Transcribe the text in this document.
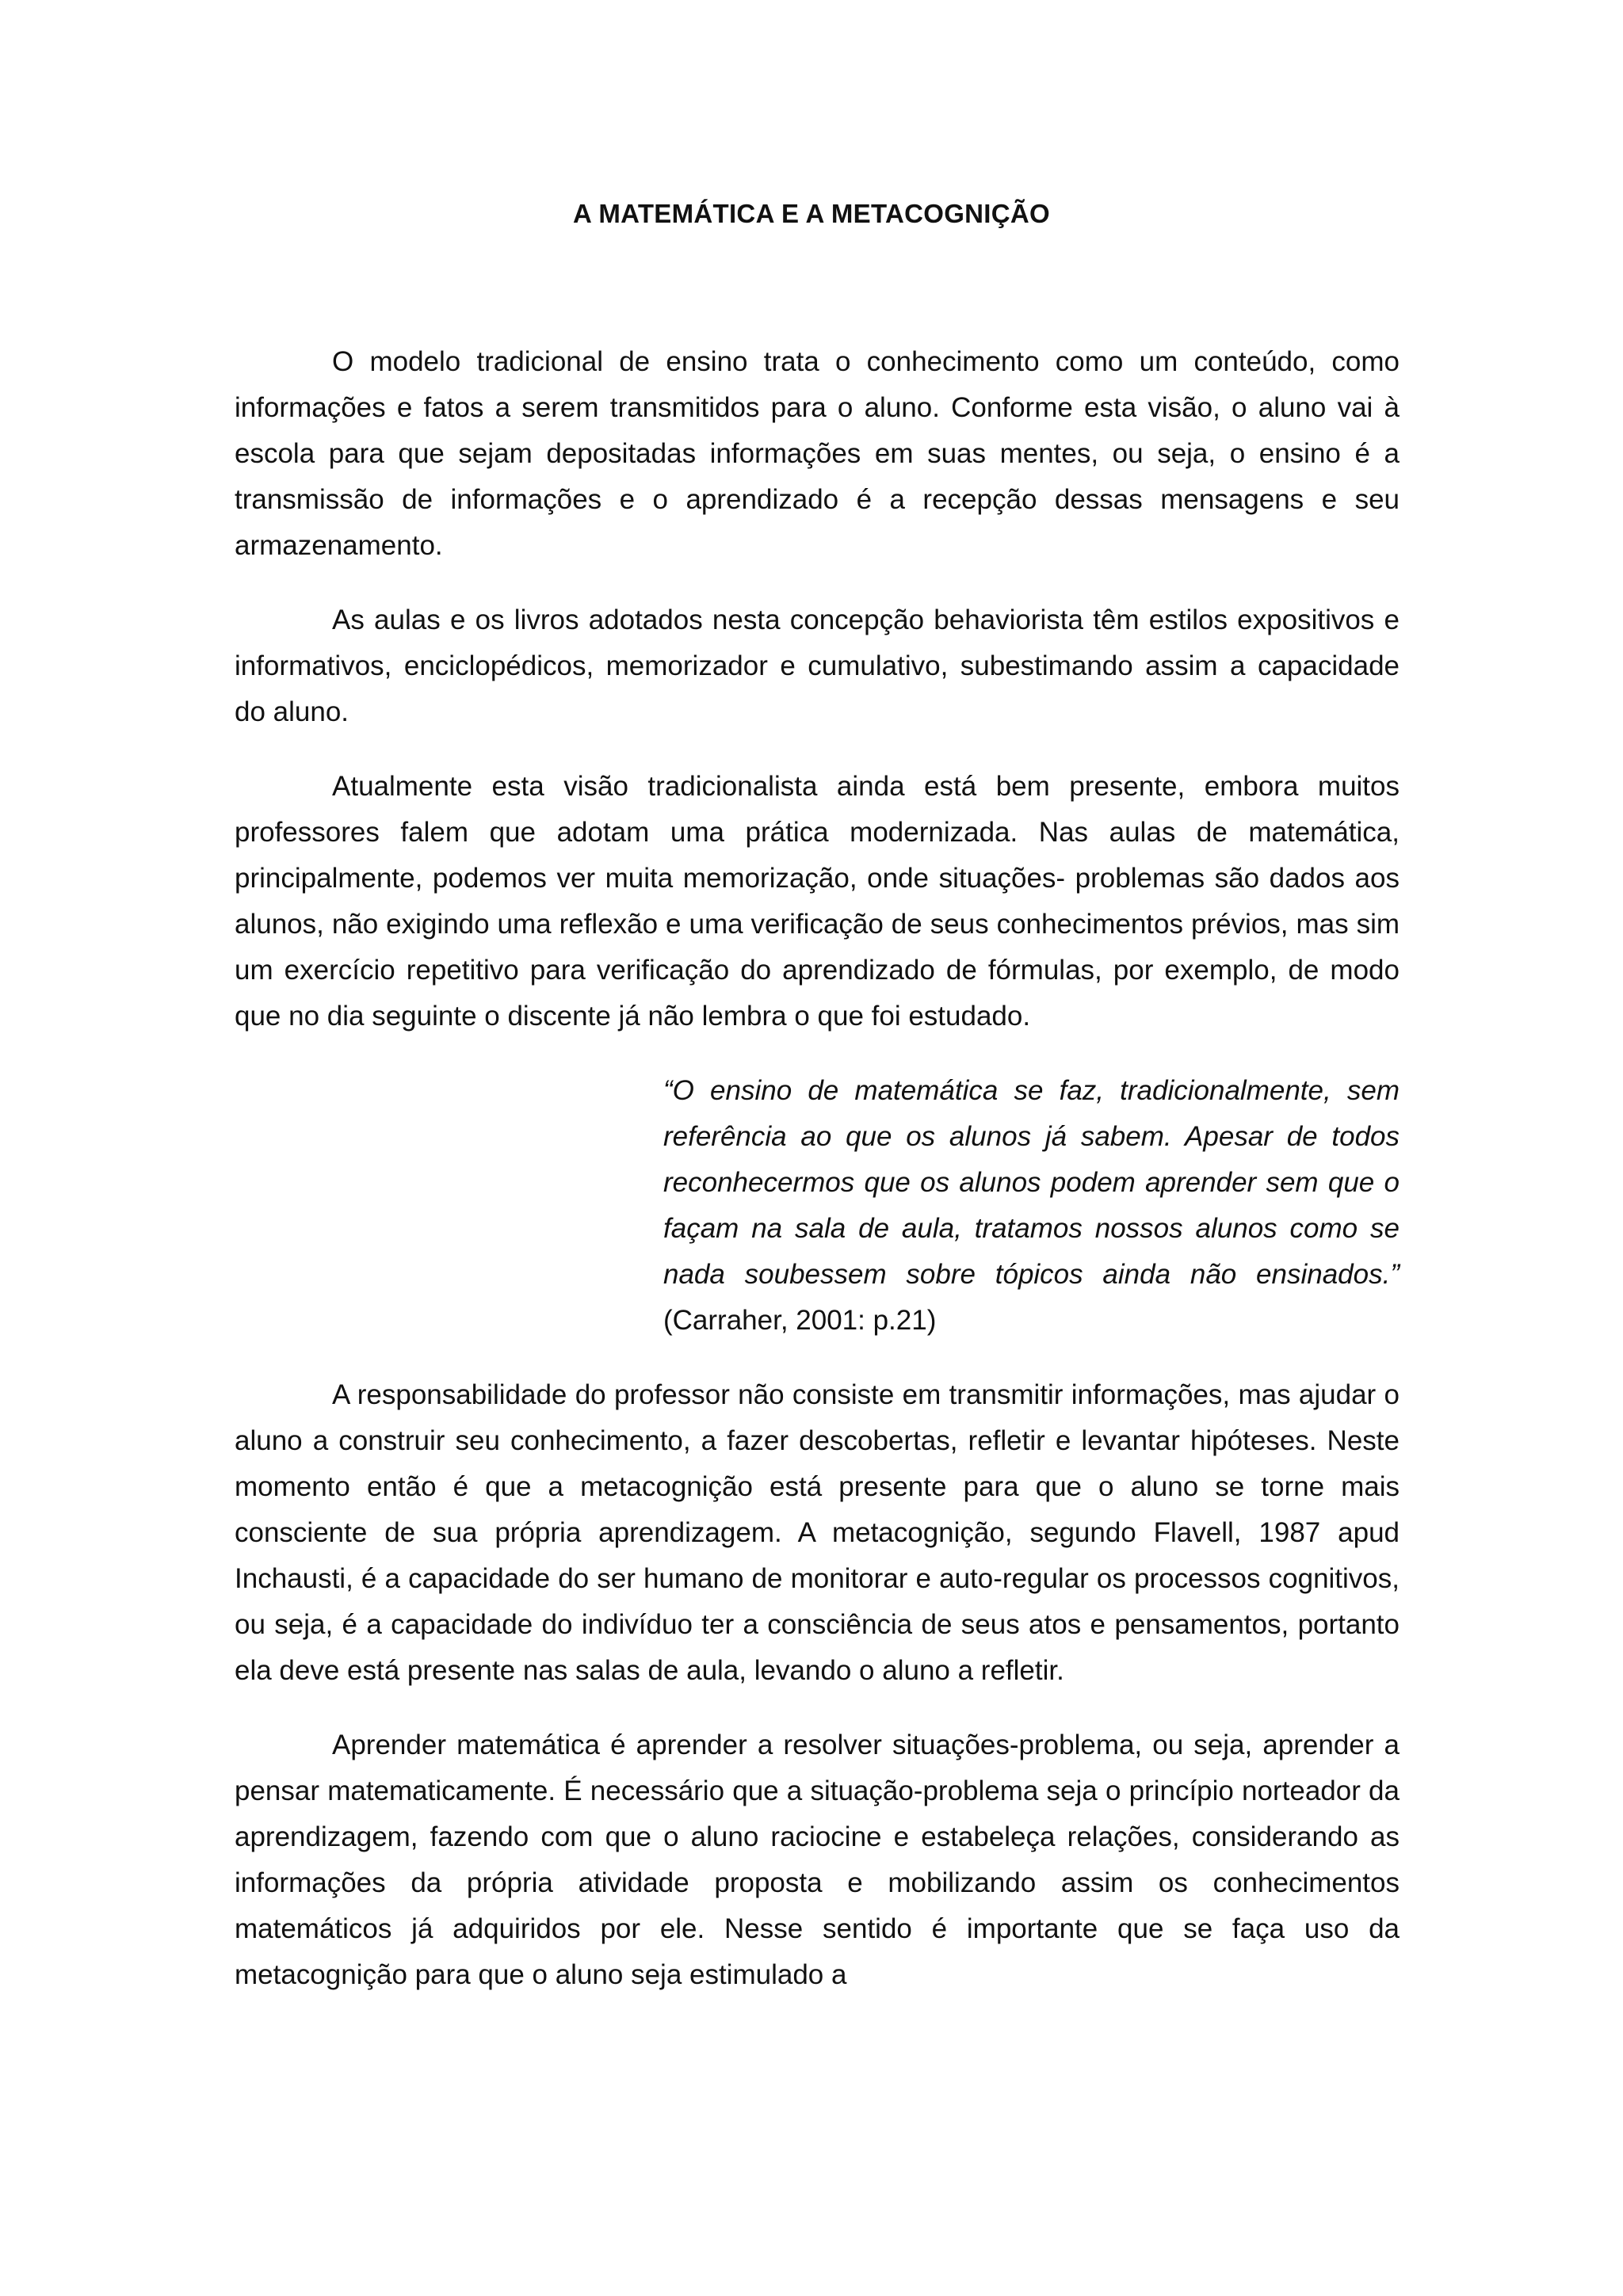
A MATEMÁTICA E A METACOGNIÇÃO

O modelo tradicional de ensino trata o conhecimento como um conteúdo, como informações e fatos a serem transmitidos para o aluno. Conforme esta visão, o aluno vai à escola para que sejam depositadas informações em suas mentes, ou seja, o ensino é a transmissão de informações e o aprendizado é a recepção dessas mensagens e seu armazenamento.

As aulas e os livros adotados nesta concepção behaviorista têm estilos expositivos e informativos, enciclopédicos, memorizador e cumulativo, subestimando assim a capacidade do aluno.

Atualmente esta visão tradicionalista ainda está bem presente, embora muitos professores falem que adotam uma prática modernizada. Nas aulas de matemática, principalmente, podemos ver muita memorização, onde situações- problemas são dados aos alunos, não exigindo uma reflexão e uma verificação de seus conhecimentos prévios, mas sim um exercício repetitivo para verificação do aprendizado de fórmulas, por exemplo, de modo que no dia seguinte o discente já não lembra o que foi estudado.

“O ensino de matemática se faz, tradicionalmente, sem referência ao que os alunos já sabem. Apesar de todos reconhecermos que os alunos podem aprender sem que o façam na sala de aula, tratamos nossos alunos como se nada soubessem sobre tópicos ainda não ensinados.” (Carraher, 2001: p.21)

A responsabilidade do professor não consiste em transmitir informações, mas ajudar o aluno a construir seu conhecimento, a fazer descobertas, refletir e levantar hipóteses. Neste momento então é que a metacognição está presente para que o aluno se torne mais consciente de sua própria aprendizagem. A metacognição, segundo Flavell, 1987 apud Inchausti, é a capacidade do ser humano de monitorar e auto-regular os processos cognitivos, ou seja, é a capacidade do indivíduo ter a consciência de seus atos e pensamentos, portanto ela deve está presente nas salas de aula, levando o aluno a refletir.

Aprender matemática é aprender a resolver situações-problema, ou seja, aprender a pensar matematicamente. É necessário que a situação-problema seja o princípio norteador da aprendizagem, fazendo com que o aluno raciocine e estabeleça relações, considerando as informações da própria atividade proposta e mobilizando assim os conhecimentos matemáticos já adquiridos por ele. Nesse sentido é importante que se faça uso da metacognição para que o aluno seja estimulado a
